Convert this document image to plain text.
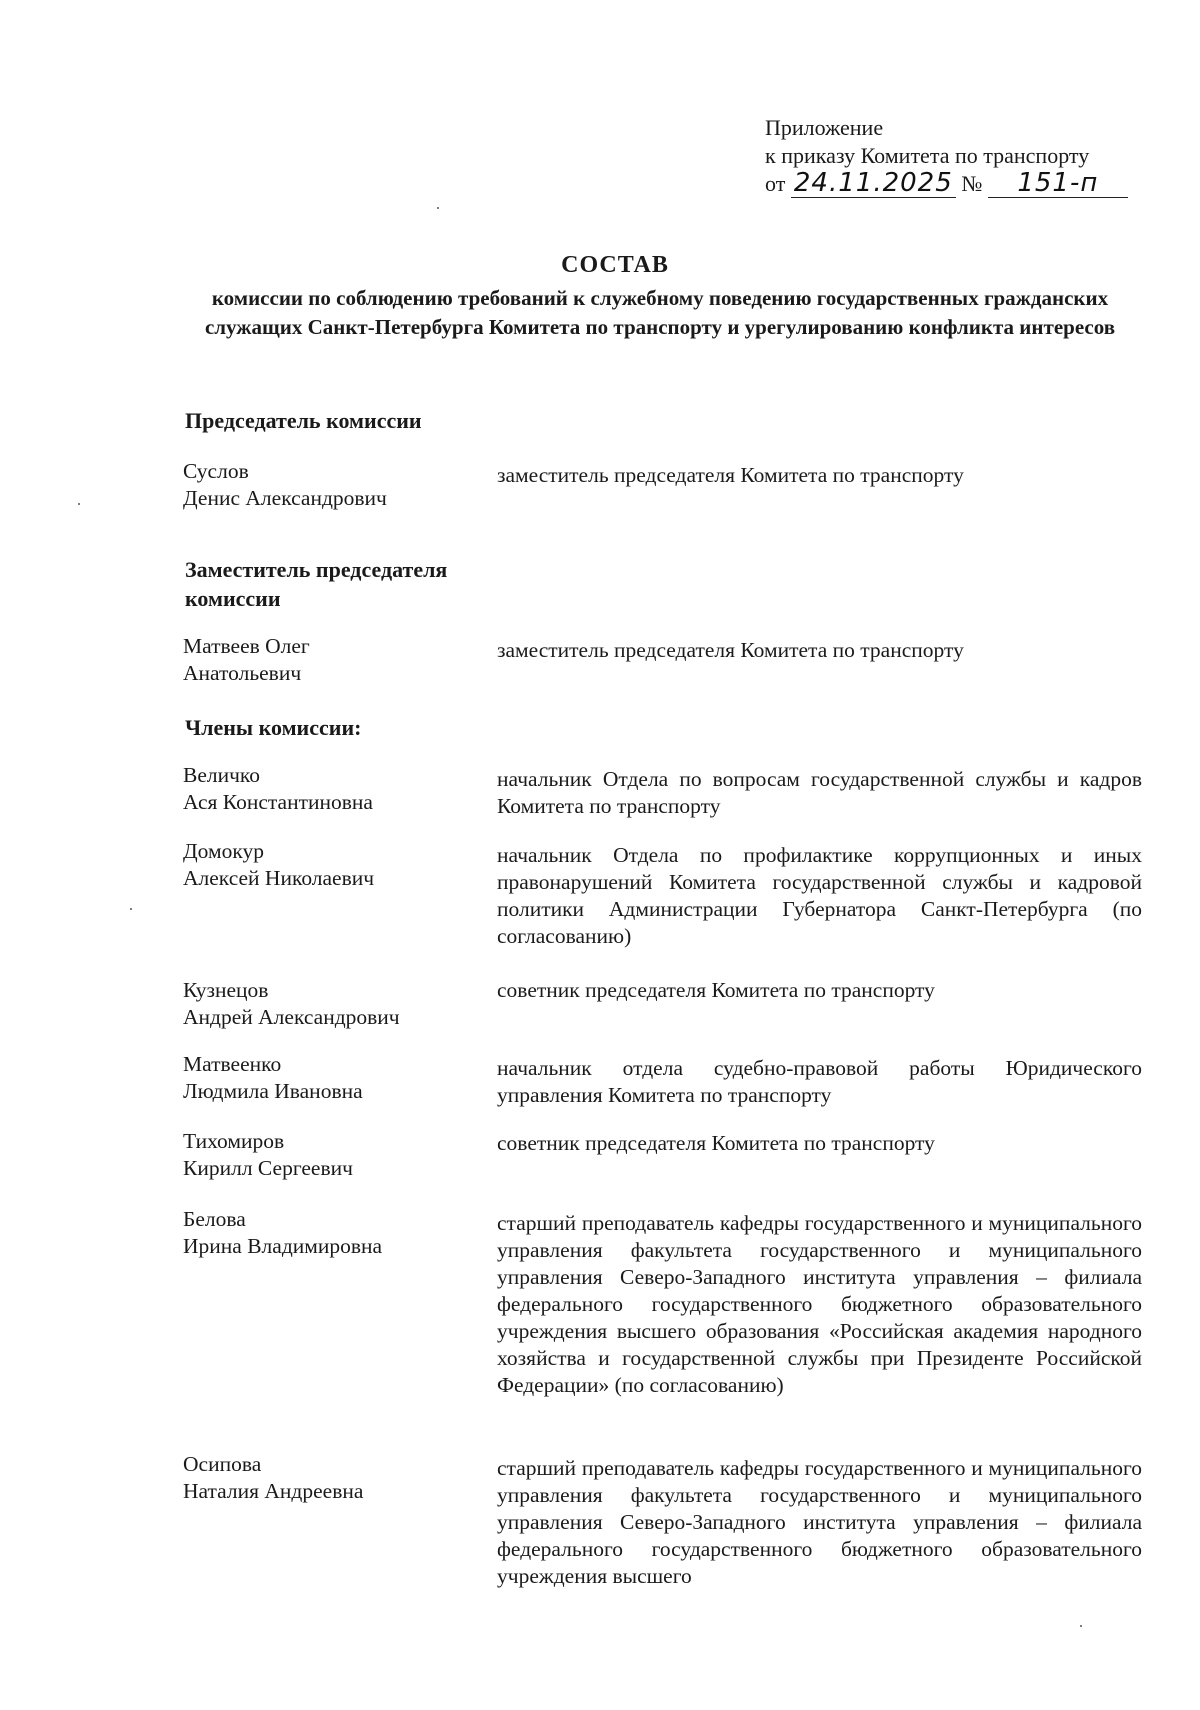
Приложение
к приказу Комитета по транспорту
от 24.11.2025 № 151-п
СОСТАВ
комиссии по соблюдению требований к служебному поведению государственных гражданских служащих Санкт-Петербурга Комитета по транспорту и урегулированию конфликта интересов
Председатель комиссии
Суслов
Денис Александрович
заместитель председателя Комитета по транспорту
Заместитель председателя комиссии
Матвеев Олег
Анатольевич
заместитель председателя Комитета по транспорту
Члены комиссии:
Величко
Ася Константиновна
начальник Отдела по вопросам государственной службы и кадров Комитета по транспорту
Домокур
Алексей Николаевич
начальник Отдела по профилактике коррупционных и иных правонарушений Комитета государственной службы и кадровой политики Администрации Губернатора Санкт-Петербурга (по согласованию)
Кузнецов
Андрей Александрович
советник председателя Комитета по транспорту
Матвеенко
Людмила Ивановна
начальник отдела судебно-правовой работы Юридического управления Комитета по транспорту
Тихомиров
Кирилл Сергеевич
советник председателя Комитета по транспорту
Белова
Ирина Владимировна
старший преподаватель кафедры государственного и муниципального управления факультета государственного и муниципального управления Северо-Западного института управления – филиала федерального государственного бюджетного образовательного учреждения высшего образования «Российская академия народного хозяйства и государственной службы при Президенте Российской Федерации» (по согласованию)
Осипова
Наталия Андреевна
старший преподаватель кафедры государственного и муниципального управления факультета государственного и муниципального управления Северо-Западного института управления – филиала федерального государственного бюджетного образовательного учреждения высшего
